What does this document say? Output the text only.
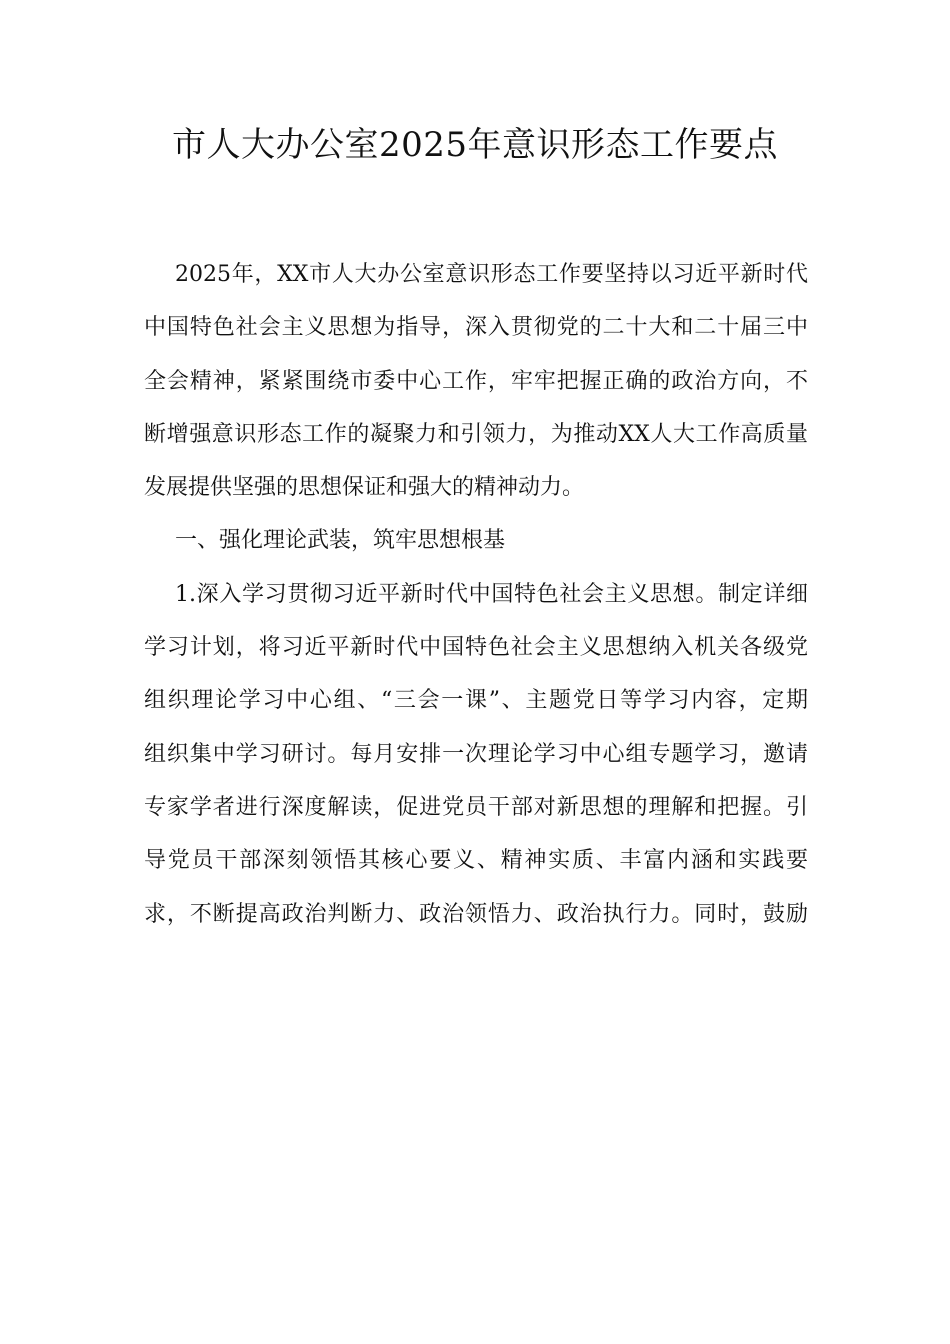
市人大办公室2025年意识形态工作要点
2025年，XX市人大办公室意识形态工作要坚持以习近平新时代
中国特色社会主义思想为指导，深入贯彻党的二十大和二十届三中
全会精神，紧紧围绕市委中心工作，牢牢把握正确的政治方向，不
断增强意识形态工作的凝聚力和引领力，为推动XX人大工作高质量
发展提供坚强的思想保证和强大的精神动力。
一、强化理论武装，筑牢思想根基
1.深入学习贯彻习近平新时代中国特色社会主义思想。制定详细
学习计划，将习近平新时代中国特色社会主义思想纳入机关各级党
组织理论学习中心组、“三会一课”、主题党日等学习内容，定期
组织集中学习研讨。每月安排一次理论学习中心组专题学习，邀请
专家学者进行深度解读，促进党员干部对新思想的理解和把握。引
导党员干部深刻领悟其核心要义、精神实质、丰富内涵和实践要
求，不断提高政治判断力、政治领悟力、政治执行力。同时，鼓励
